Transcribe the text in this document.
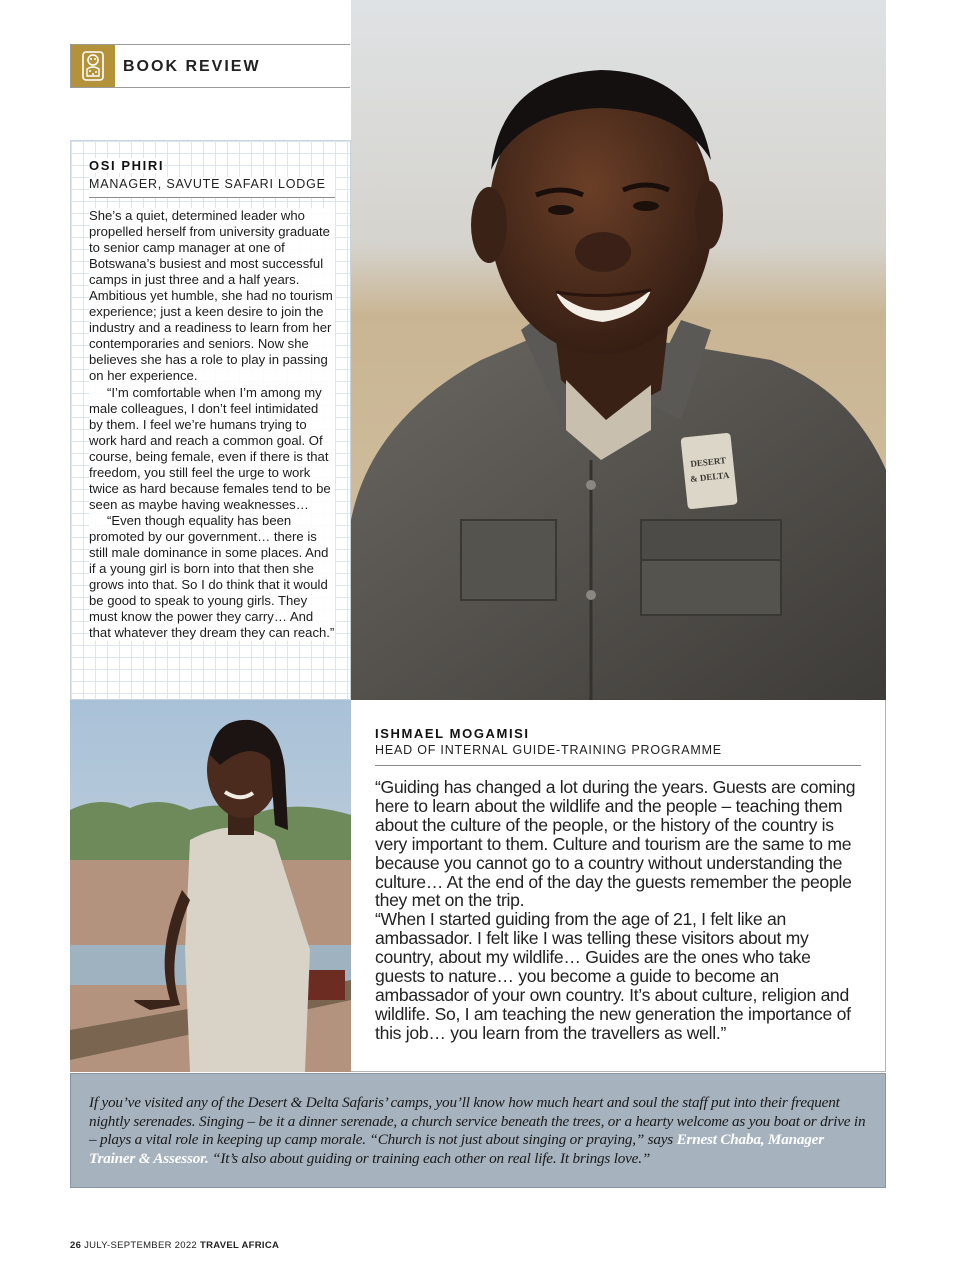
BOOK REVIEW
OSI PHIRI
MANAGER, SAVUTE SAFARI LODGE

She’s a quiet, determined leader who propelled herself from university graduate to senior camp manager at one of Botswana’s busiest and most successful camps in just three and a half years. Ambitious yet humble, she had no tourism experience; just a keen desire to join the industry and a readiness to learn from her contemporaries and seniors. Now she believes she has a role to play in passing on her experience.

“I’m comfortable when I’m among my male colleagues, I don’t feel intimidated by them. I feel we’re humans trying to work hard and reach a common goal. Of course, being female, even if there is that freedom, you still feel the urge to work twice as hard because females tend to be seen as maybe having weaknesses…

“Even though equality has been promoted by our government… there is still male dominance in some places. And if a young girl is born into that then she grows into that. So I do think that it would be good to speak to young girls. They must know the power they carry… And that whatever they dream they can reach.”

DESERT
& DELTA
ISHMAEL MOGAMISI
HEAD OF INTERNAL GUIDE-TRAINING PROGRAMME

“Guiding has changed a lot during the years. Guests are coming here to learn about the wildlife and the people – teaching them about the culture of the people, or the history of the country is very important to them. Culture and tourism are the same to me because you cannot go to a country without understanding the culture… At the end of the day the guests remember the people they met on the trip.

“When I started guiding from the age of 21, I felt like an ambassador. I felt like I was telling these visitors about my country, about my wildlife… Guides are the ones who take guests to nature… you become a guide to become an ambassador of your own country. It’s about culture, religion and wildlife. So, I am teaching the new generation the importance of this job… you learn from the travellers as well.”

If you’ve visited any of the Desert & Delta Safaris’ camps, you’ll know how much heart and soul the staff put into their frequent nightly serenades. Singing – be it a dinner serenade, a church service beneath the trees, or a hearty welcome as you boat or drive in – plays a vital role in keeping up camp morale. “Church is not just about singing or praying,” says Ernest Chaba, Manager Trainer & Assessor. “It’s also about guiding or training each other on real life. It brings love.”
26 JULY-SEPTEMBER 2022 TRAVEL AFRICA
